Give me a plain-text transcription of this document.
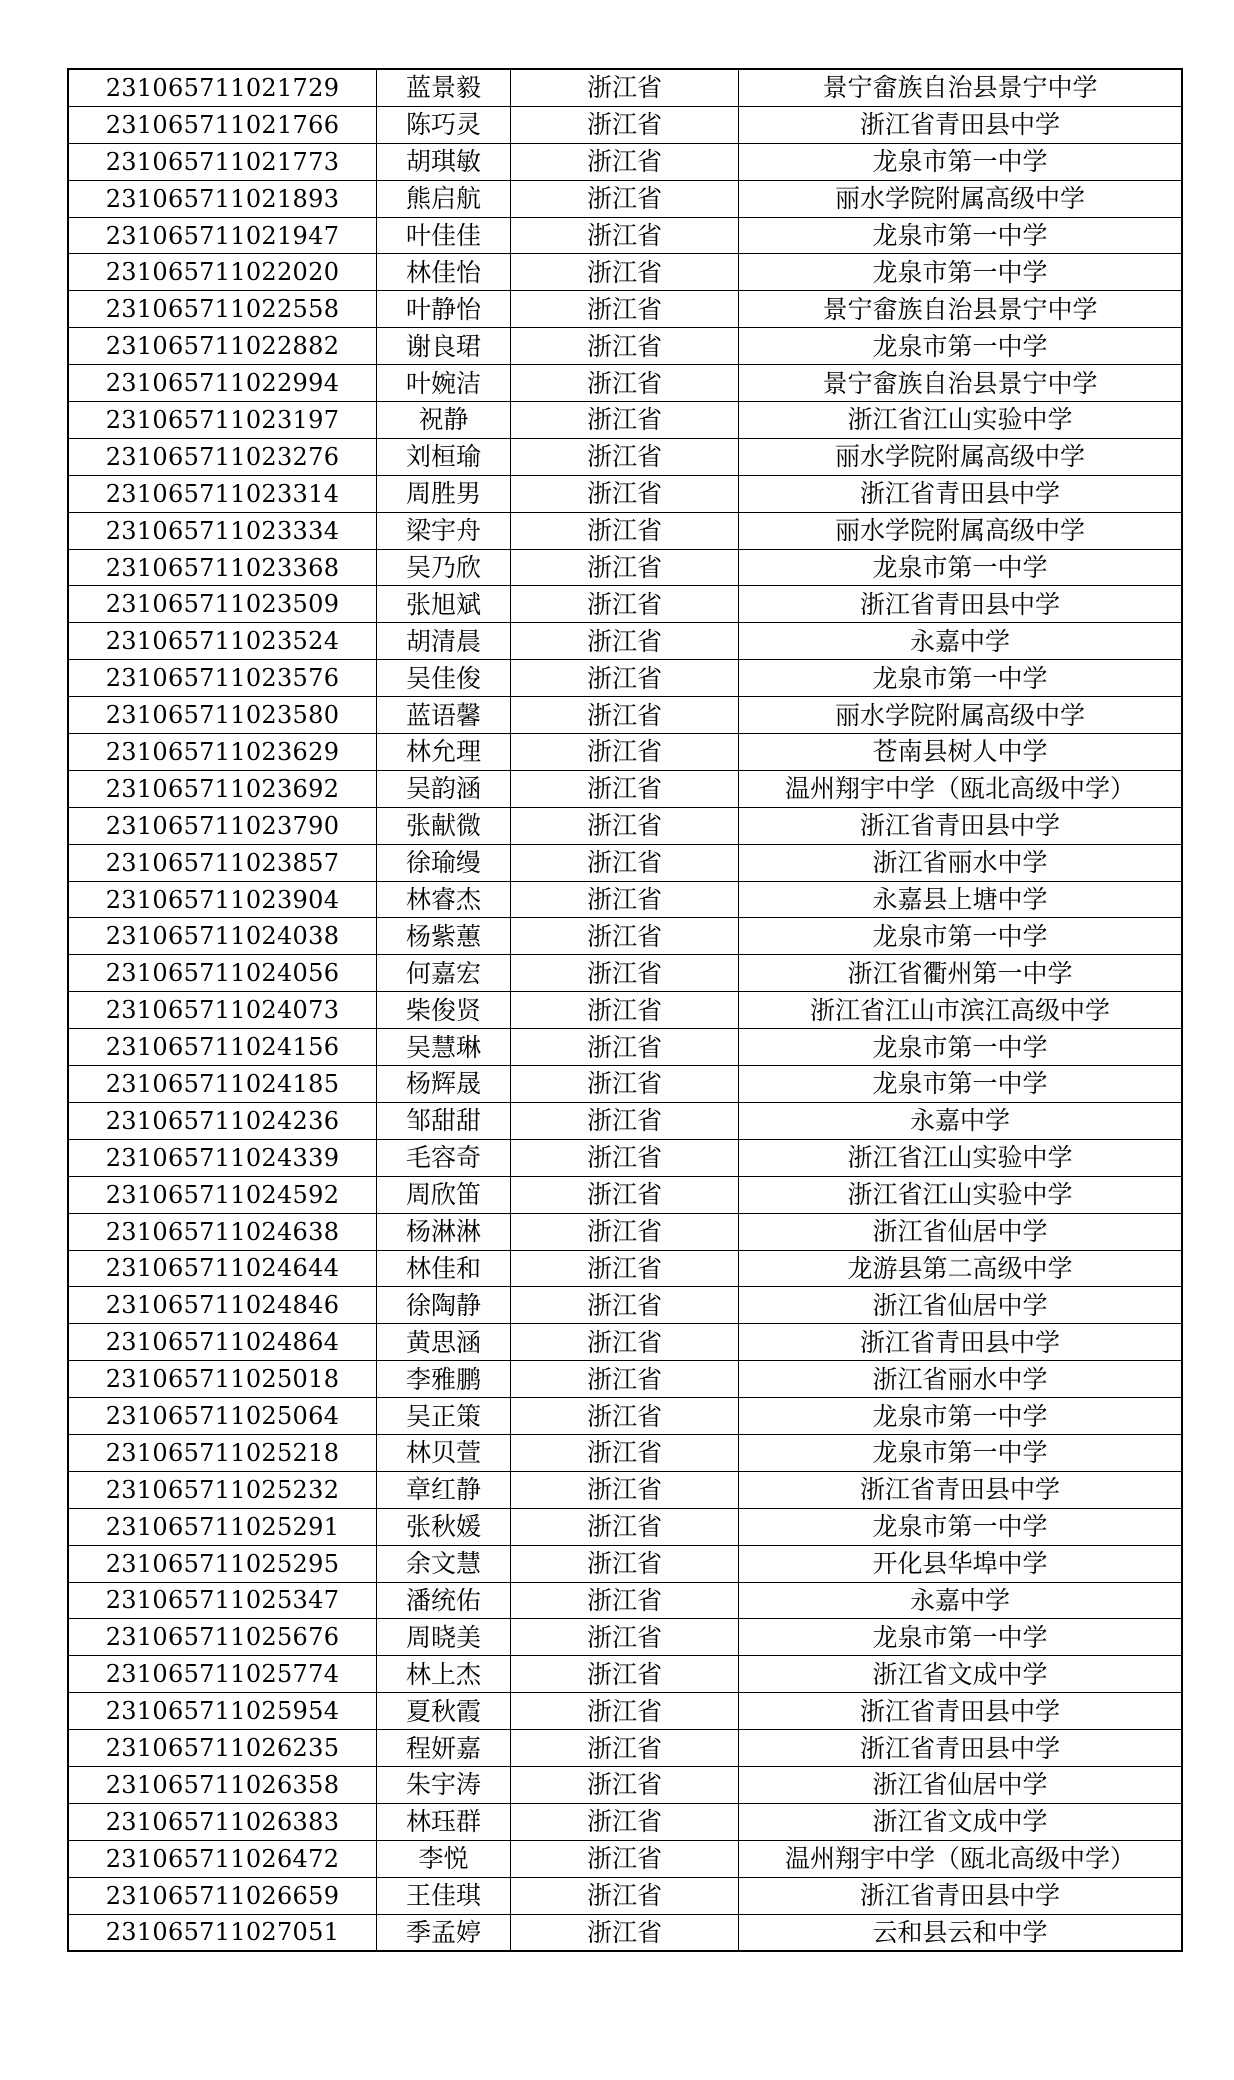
231065711021729	蓝景毅	浙江省	景宁畲族自治县景宁中学
231065711021766	陈巧灵	浙江省	浙江省青田县中学
231065711021773	胡琪敏	浙江省	龙泉市第一中学
231065711021893	熊启航	浙江省	丽水学院附属高级中学
231065711021947	叶佳佳	浙江省	龙泉市第一中学
231065711022020	林佳怡	浙江省	龙泉市第一中学
231065711022558	叶静怡	浙江省	景宁畲族自治县景宁中学
231065711022882	谢良珺	浙江省	龙泉市第一中学
231065711022994	叶婉洁	浙江省	景宁畲族自治县景宁中学
231065711023197	祝静	浙江省	浙江省江山实验中学
231065711023276	刘桓瑜	浙江省	丽水学院附属高级中学
231065711023314	周胜男	浙江省	浙江省青田县中学
231065711023334	梁宇舟	浙江省	丽水学院附属高级中学
231065711023368	吴乃欣	浙江省	龙泉市第一中学
231065711023509	张旭斌	浙江省	浙江省青田县中学
231065711023524	胡清晨	浙江省	永嘉中学
231065711023576	吴佳俊	浙江省	龙泉市第一中学
231065711023580	蓝语馨	浙江省	丽水学院附属高级中学
231065711023629	林允理	浙江省	苍南县树人中学
231065711023692	吴韵涵	浙江省	温州翔宇中学（瓯北高级中学）
231065711023790	张献微	浙江省	浙江省青田县中学
231065711023857	徐瑜缦	浙江省	浙江省丽水中学
231065711023904	林睿杰	浙江省	永嘉县上塘中学
231065711024038	杨紫蕙	浙江省	龙泉市第一中学
231065711024056	何嘉宏	浙江省	浙江省衢州第一中学
231065711024073	柴俊贤	浙江省	浙江省江山市滨江高级中学
231065711024156	吴慧琳	浙江省	龙泉市第一中学
231065711024185	杨辉晟	浙江省	龙泉市第一中学
231065711024236	邹甜甜	浙江省	永嘉中学
231065711024339	毛容奇	浙江省	浙江省江山实验中学
231065711024592	周欣笛	浙江省	浙江省江山实验中学
231065711024638	杨淋淋	浙江省	浙江省仙居中学
231065711024644	林佳和	浙江省	龙游县第二高级中学
231065711024846	徐陶静	浙江省	浙江省仙居中学
231065711024864	黄思涵	浙江省	浙江省青田县中学
231065711025018	李雅鹏	浙江省	浙江省丽水中学
231065711025064	吴正策	浙江省	龙泉市第一中学
231065711025218	林贝萱	浙江省	龙泉市第一中学
231065711025232	章红静	浙江省	浙江省青田县中学
231065711025291	张秋媛	浙江省	龙泉市第一中学
231065711025295	余文慧	浙江省	开化县华埠中学
231065711025347	潘统佑	浙江省	永嘉中学
231065711025676	周晓美	浙江省	龙泉市第一中学
231065711025774	林上杰	浙江省	浙江省文成中学
231065711025954	夏秋霞	浙江省	浙江省青田县中学
231065711026235	程妍嘉	浙江省	浙江省青田县中学
231065711026358	朱宇涛	浙江省	浙江省仙居中学
231065711026383	林珏群	浙江省	浙江省文成中学
231065711026472	李悦	浙江省	温州翔宇中学（瓯北高级中学）
231065711026659	王佳琪	浙江省	浙江省青田县中学
231065711027051	季孟婷	浙江省	云和县云和中学
